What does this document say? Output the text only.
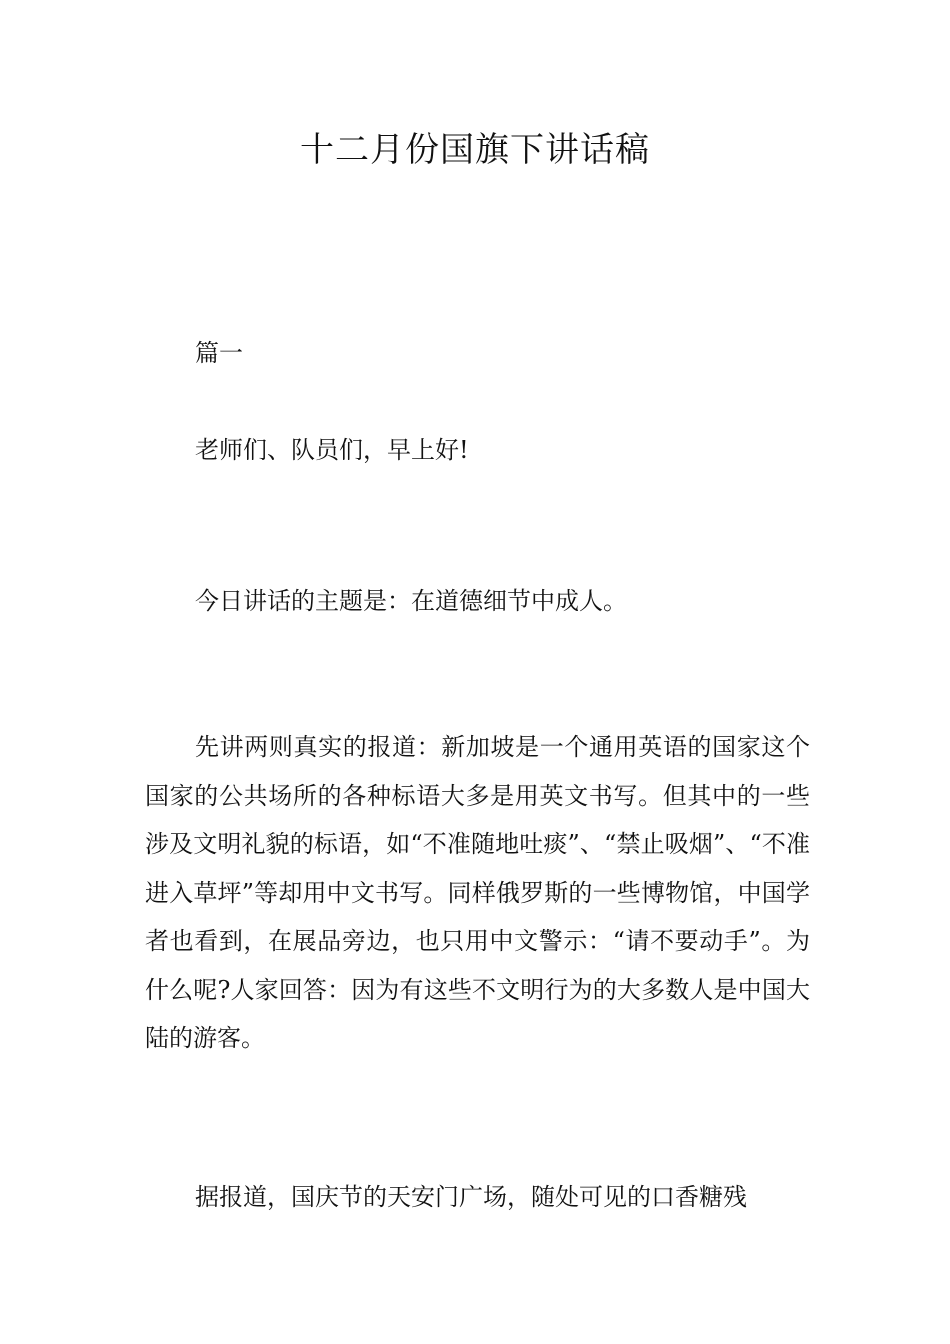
十二月份国旗下讲话稿

篇一

老师们、队员们，早上好!

今日讲话的主题是：在道德细节中成人。

先讲两则真实的报道：新加坡是一个通用英语的国家这个国家的公共场所的各种标语大多是用英文书写。但其中的一些涉及文明礼貌的标语，如“不准随地吐痰”、“禁止吸烟”、“不准进入草坪”等却用中文书写。同样俄罗斯的一些博物馆，中国学者也看到，在展品旁边，也只用中文警示：“请不要动手”。为什么呢?人家回答：因为有这些不文明行为的大多数人是中国大陆的游客。

据报道，国庆节的天安门广场，随处可见的口香糖残
